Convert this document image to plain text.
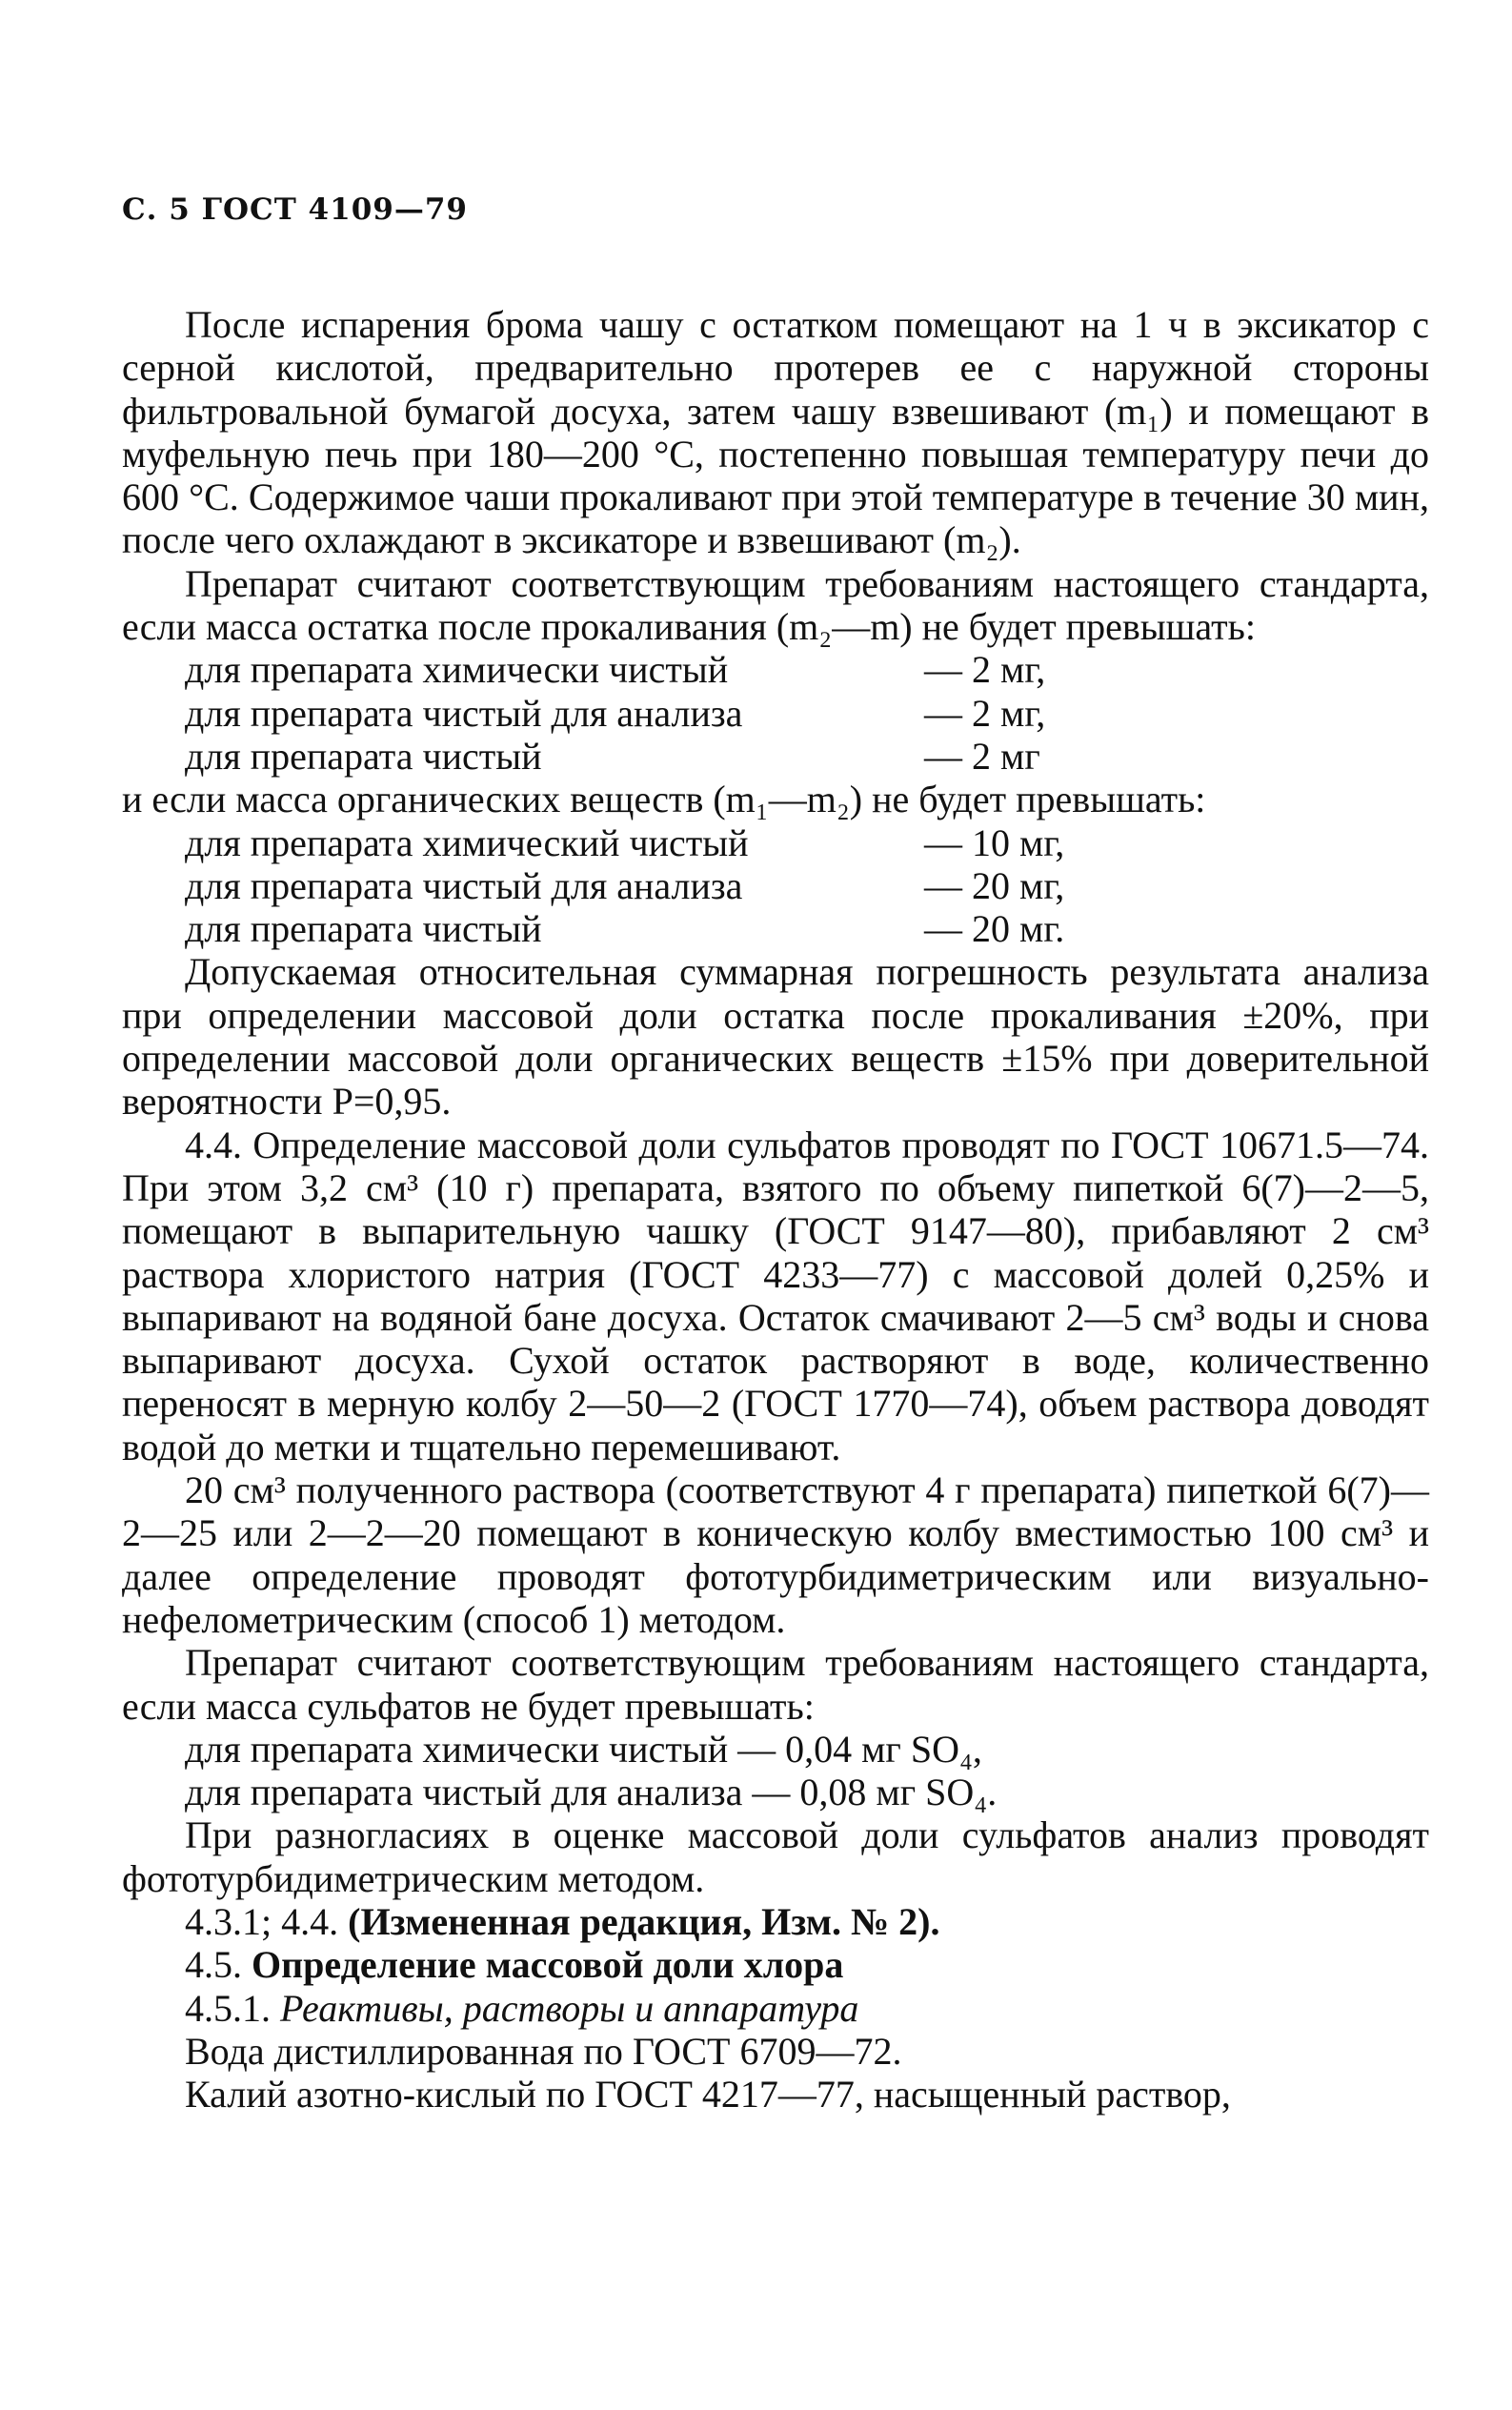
С. 5 ГОСТ 4109—79

После испарения брома чашу с остатком помещают на 1 ч в эксикатор с серной кислотой, предварительно протерев ее с наружной стороны фильтровальной бумагой досуха, затем чашу взвешивают (m₁) и помещают в муфельную печь при 180—200 °С, постепенно повышая температуру печи до 600 °С. Содержимое чаши прокаливают при этой температуре в течение 30 мин, после чего охлаждают в эксикаторе и взвешивают (m₂).

Препарат считают соответствующим требованиям настоящего стандарта, если масса остатка после прокаливания (m₂—m) не будет превышать:

для препарата химически чистый	— 2 мг,
для препарата чистый для анализа	— 2 мг,
для препарата чистый	— 2 мг

и если масса органических веществ (m₁—m₂) не будет превышать:

для препарата химический чистый	— 10 мг,
для препарата чистый для анализа	— 20 мг,
для препарата чистый	— 20 мг.

Допускаемая относительная суммарная погрешность результата анализа при определении массовой доли остатка после прокаливания ±20%, при определении массовой доли органических веществ ±15% при доверительной вероятности P=0,95.

4.4. Определение массовой доли сульфатов проводят по ГОСТ 10671.5—74. При этом 3,2 см³ (10 г) препарата, взятого по объему пипеткой 6(7)—2—5, помещают в выпарительную чашку (ГОСТ 9147—80), прибавляют 2 см³ раствора хлористого натрия (ГОСТ 4233—77) с массовой долей 0,25% и выпаривают на водяной бане досуха. Остаток смачивают 2—5 см³ воды и снова выпаривают досуха. Сухой остаток растворяют в воде, количественно переносят в мерную колбу 2—50—2 (ГОСТ 1770—74), объем раствора доводят водой до метки и тщательно перемешивают.

20 см³ полученного раствора (соответствуют 4 г препарата) пипеткой 6(7)—2—25 или 2—2—20 помещают в коническую колбу вместимостью 100 см³ и далее определение проводят фототурбидиметрическим или визуально-нефелометрическим (способ 1) методом.

Препарат считают соответствующим требованиям настоящего стандарта, если масса сульфатов не будет превышать:

для препарата химически чистый — 0,04 мг SO₄,
для препарата чистый для анализа — 0,08 мг SO₄.

При разногласиях в оценке массовой доли сульфатов анализ проводят фототурбидиметрическим методом.

4.3.1; 4.4. (Измененная редакция, Изм. № 2).

4.5. Определение массовой доли хлора

4.5.1. Реактивы, растворы и аппаратура

Вода дистиллированная по ГОСТ 6709—72.

Калий азотно-кислый по ГОСТ 4217—77, насыщенный раствор,
